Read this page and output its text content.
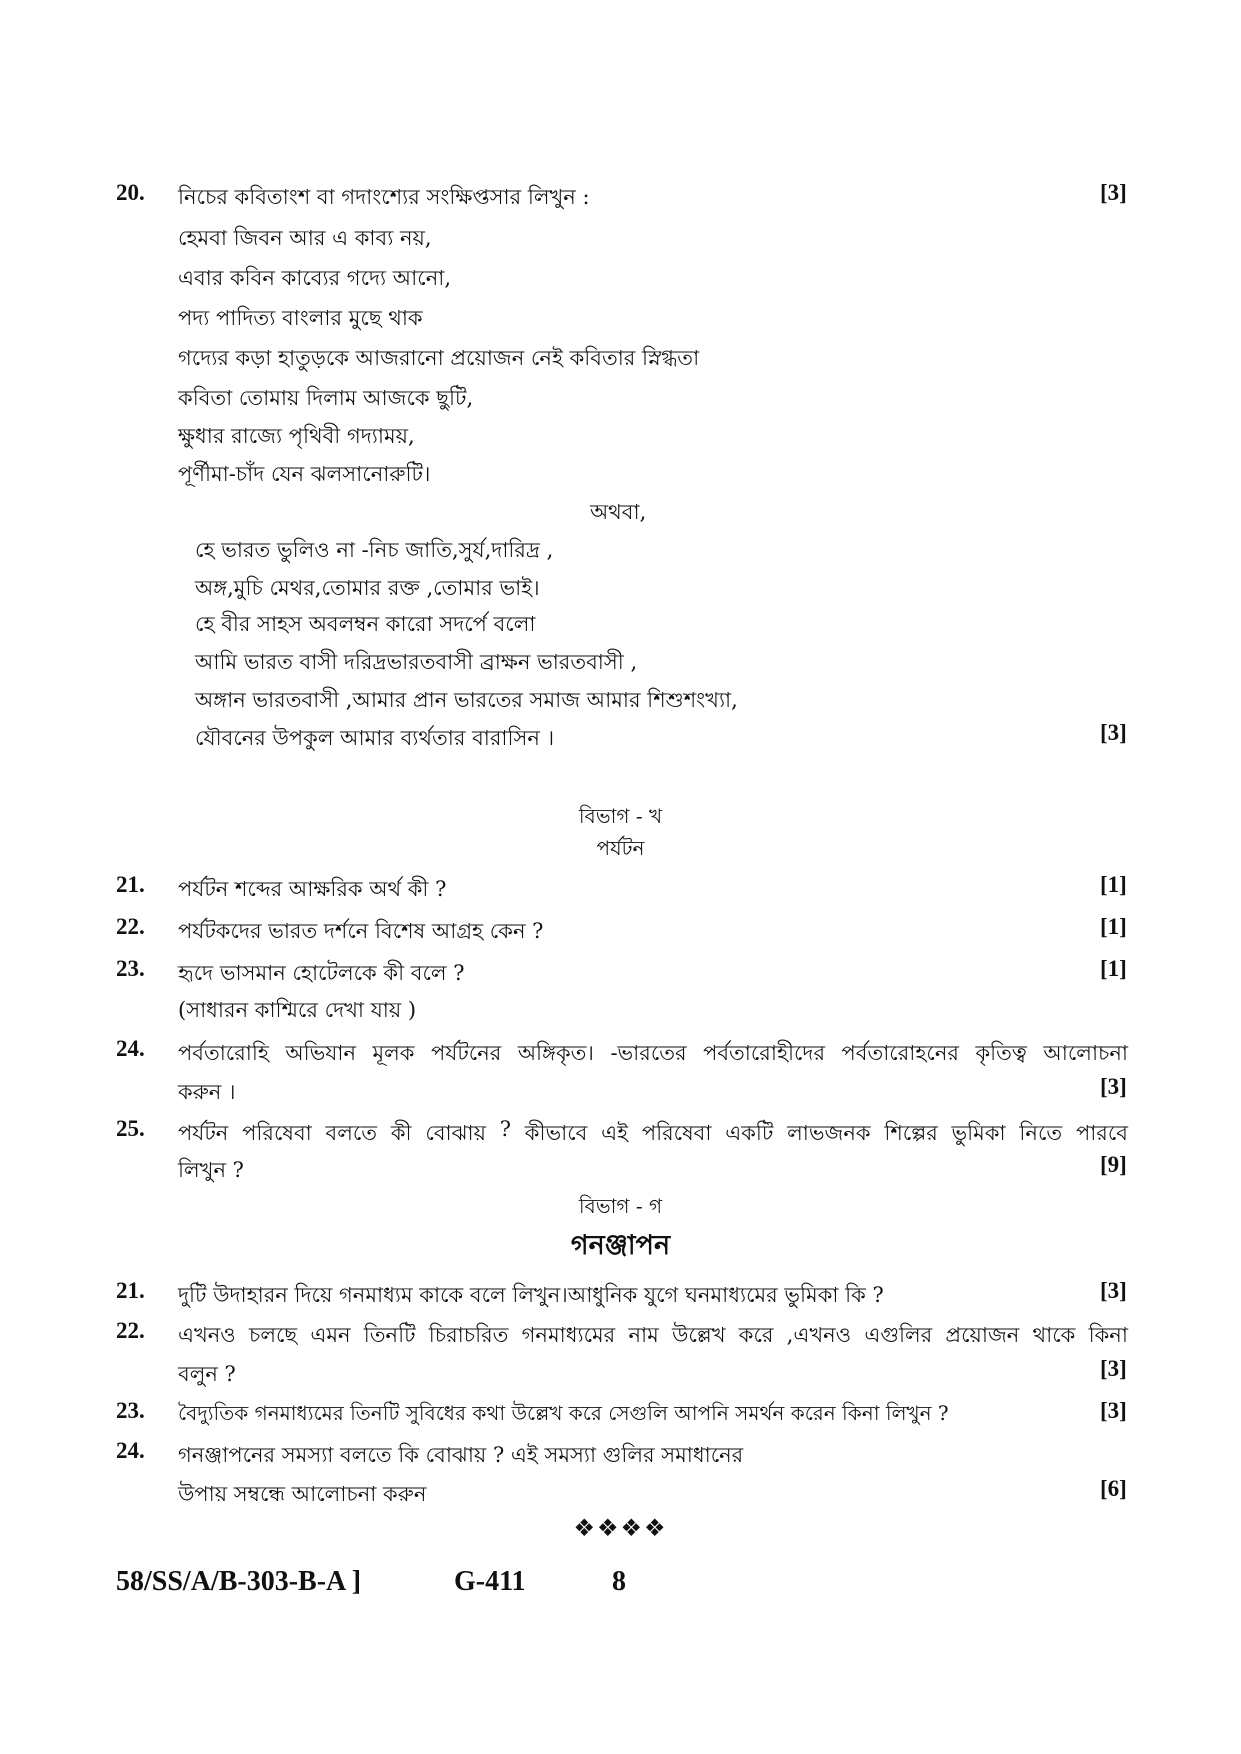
20. নিচের কবিতাংশ বা গদাংশ্যের সংক্ষিপ্তসার লিখুন :	[3]
হেমবা জিবন আর এ কাব্য নয়,
এবার কবিন কাব্যের গদ্যে আনো,
পদ্য পাদিত্য বাংলার মুছে থাক
গদ্যের কড়া হাতুড়কে আজরানো প্রয়োজন নেই কবিতার স্নিগ্ধতা
কবিতা তোমায় দিলাম আজকে ছুটি,
ক্ষুধার রাজ্যে পৃথিবী গদ্যাময়,
পূর্ণীমা-চাঁদ যেন ঝলসানোরুটি।
অথবা,
হে ভারত ভুলিও না -নিচ জাতি,সুর্য,দারিদ্র ,
অঙ্গ,মুচি মেথর,তোমার রক্ত ,তোমার ভাই।
হে বীর সাহস অবলম্বন কারো সদর্পে বলো
আমি ভারত বাসী দরিদ্রভারতবাসী ব্রাক্ষন ভারতবাসী ,
অঙ্গান ভারতবাসী ,আমার প্রান ভারতের সমাজ আমার শিশুশংখ্যা,
যৌবনের উপকুল আমার ব্যর্থতার বারাসিন ।	[3]
বিভাগ - খ
পর্যটন
21. পর্যটন শব্দের আক্ষরিক অর্থ কী ?	[1]
22. পর্যটকদের ভারত দর্শনে বিশেষ আগ্রহ কেন ?	[1]
23. হৃদে ভাসমান হোটেলকে কী বলে ?	[1]
(সাধারন কাশ্মিরে দেখা যায় )
24. পর্বতারোহি অভিযান মূলক পর্যটনের অঙ্গিকৃত। -ভারতের পর্বতারোহীদের পর্বতারোহনের কৃতিত্ব আলোচনা
করুন ।	[3]
25. পর্যটন পরিষেবা বলতে কী বোঝায় ? কীভাবে এই পরিষেবা একটি লাভজনক শিল্পের ভুমিকা নিতে পারবে
লিখুন ?	[9]
বিভাগ - গ
গনঞ্জাপন
21. দুটি উদাহারন দিয়ে গনমাধ্যম কাকে বলে লিখুন।আধুনিক যুগে ঘনমাধ্যমের ভুমিকা কি ?	[3]
22. এখনও চলছে এমন তিনটি চিরাচরিত গনমাধ্যমের নাম উল্লেখ করে ,এখনও এগুলির প্রয়োজন থাকে কিনা
বলুন ?	[3]
23. বৈদ্যুতিক গনমাধ্যমের তিনটি সুবিধের কথা উল্লেখ করে সেগুলি আপনি সমর্থন করেন কিনা লিখুন ?	[3]
24. গনঞ্জাপনের সমস্যা বলতে কি বোঝায় ? এই সমস্যা গুলির সমাধানের
উপায় সম্বন্ধে আলোচনা করুন	[6]
❖❖❖❖
58/SS/A/B-303-B-A ]	G-411	8
